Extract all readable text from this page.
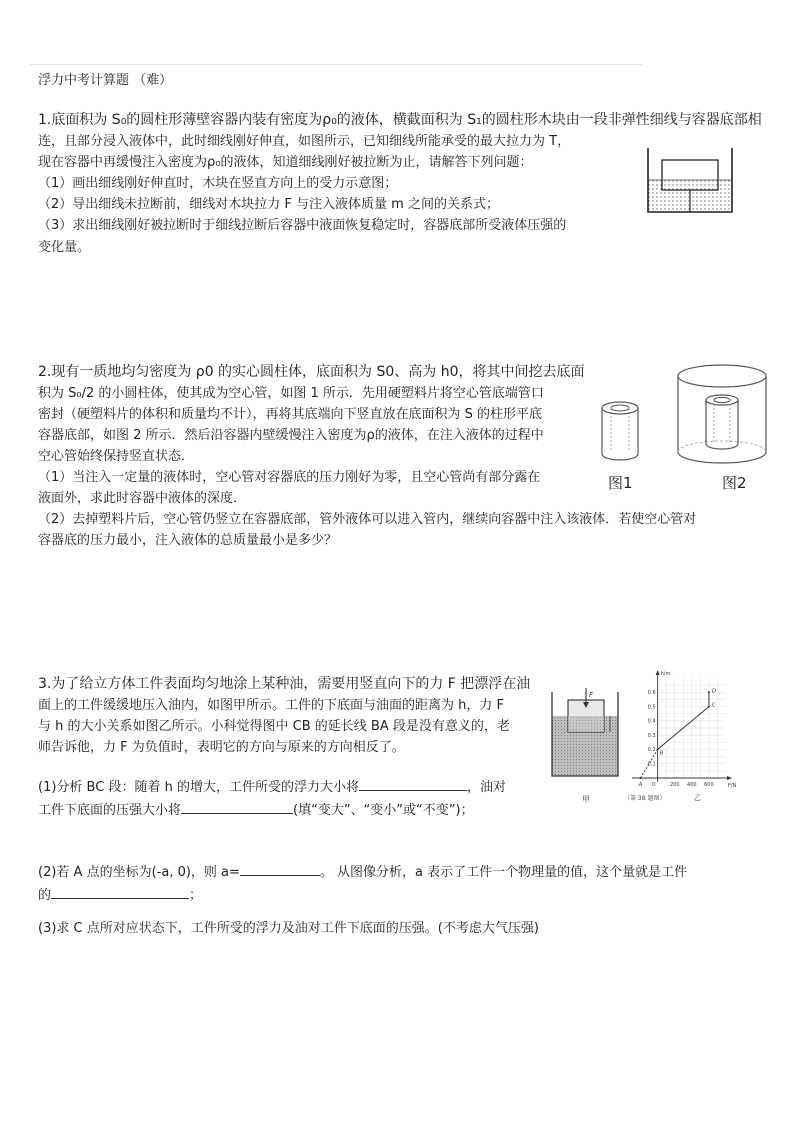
浮力中考计算题 （难）
1.底面积为 S₀的圆柱形薄壁容器内装有密度为ρ₀的液体，横截面积为 S₁的圆柱形木块由一段非弹性细线与容器底部相
连，且部分浸入液体中，此时细线刚好伸直，如图所示，已知细线所能承受的最大拉力为 T，
现在容器中再缓慢注入密度为ρ₀的液体，知道细线刚好被拉断为止，请解答下列问题：
（1）画出细线刚好伸直时，木块在竖直方向上的受力示意图；
（2）导出细线未拉断前，细线对木块拉力 F 与注入液体质量 m 之间的关系式；
（3）求出细线刚好被拉断时于细线拉断后容器中液面恢复稳定时，容器底部所受液体压强的
变化量。
2.现有一质地均匀密度为 ρ0 的实心圆柱体，底面积为 S0、高为 h0，将其中间挖去底面
积为 S₀/2 的小圆柱体，使其成为空心管，如图 1 所示．先用硬塑料片将空心管底端管口
密封（硬塑料片的体积和质量均不计），再将其底端向下竖直放在底面积为 S 的柱形平底
容器底部，如图 2 所示．然后沿容器内壁缓慢注入密度为ρ的液体，在注入液体的过程中
空心管始终保持竖直状态．
（1）当注入一定量的液体时，空心管对容器底的压力刚好为零，且空心管尚有部分露在
液面外，求此时容器中液体的深度．
（2）去掉塑料片后，空心管仍竖立在容器底部，管外液体可以进入管内，继续向容器中注入该液体．若使空心管对
容器底的压力最小，注入液体的总质量最小是多少？
图1	图2
3.为了给立方体工件表面均匀地涂上某种油，需要用竖直向下的力 F 把漂浮在油
面上的工件缓缓地压入油内，如图甲所示。工件的下底面与油面的距离为 h，力 F
与 h 的大小关系如图乙所示。小科觉得图中 CB 的延长线 BA 段是没有意义的，老
师告诉他，力 F 为负值时，表明它的方向与原来的方向相反了。
(1)分析 BC 段：随着 h 的增大，工件所受的浮力大小将	，油对
工件下底面的压强大小将	(填“变大”、“变小”或“不变”)；
(2)若 A 点的坐标为(-a, 0)，则 a=	。 从图像分析，a 表示了工件一个物理量的值，这个量就是工件
的	；
(3)求 C 点所对应状态下，工件所受的浮力及油对工件下底面的压强。(不考虑大气压强)
F
甲
h/m
F/N
0.1
0.2
0.3
0.4
0.5
0.6
200 400 600
O
A
B
C
D
（第 38 题图）	乙
